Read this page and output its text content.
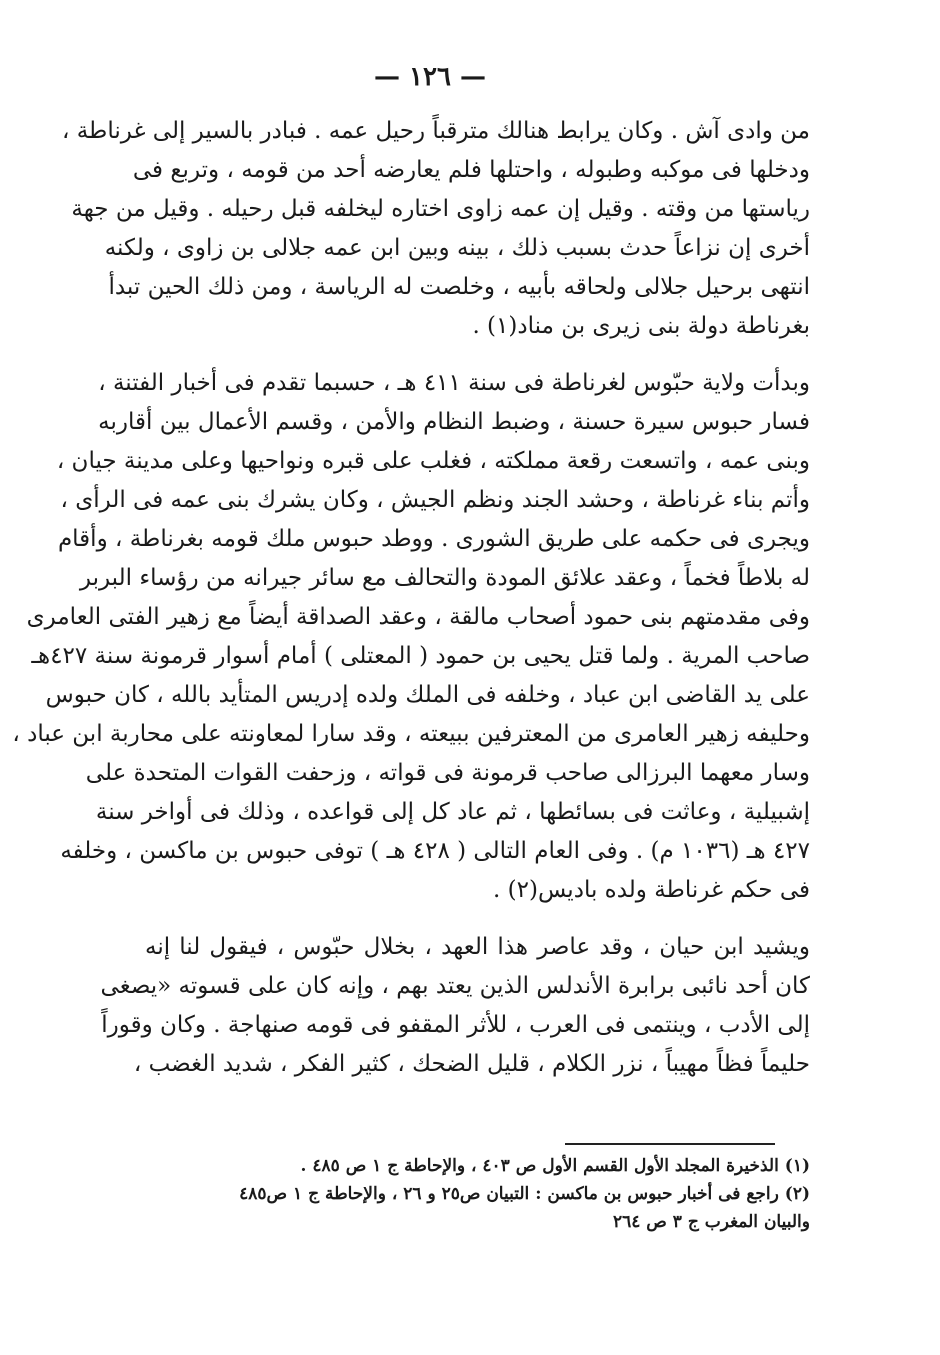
— ١٢٦ —
من وادى آش . وكان يرابط هنالك مترقباً رحيل عمه . فبادر بالسير إلى غرناطة ،
ودخلها فى موكبه وطبوله ، واحتلها فلم يعارضه أحد من قومه ، وتربع فى
رياستها من وقته . وقيل إن عمه زاوى اختاره ليخلفه قبل رحيله . وقيل من جهة
أخرى إن نزاعاً حدث بسبب ذلك ، بينه وبين ابن عمه جلالى بن زاوى ، ولكنه
انتهى برحيل جلالى ولحاقه بأبيه ، وخلصت له الرياسة ، ومن ذلك الحين تبدأ
بغرناطة دولة بنى زيرى بن مناد(١) .
وبدأت ولاية حبّوس لغرناطة فى سنة ٤١١ هـ ، حسبما تقدم فى أخبار الفتنة ،
فسار حبوس سيرة حسنة ، وضبط النظام والأمن ، وقسم الأعمال بين أقاربه
وبنى عمه ، واتسعت رقعة مملكته ، فغلب على قبره ونواحيها وعلى مدينة جيان ،
وأتم بناء غرناطة ، وحشد الجند ونظم الجيش ، وكان يشرك بنى عمه فى الرأى ،
ويجرى فى حكمه على طريق الشورى . ووطد حبوس ملك قومه بغرناطة ، وأقام
له بلاطاً فخماً ، وعقد علائق المودة والتحالف مع سائر جيرانه من رؤساء البربر
وفى مقدمتهم بنى حمود أصحاب مالقة ، وعقد الصداقة أيضاً مع زهير الفتى العامرى
صاحب المرية . ولما قتل يحيى بن حمود ( المعتلى ) أمام أسوار قرمونة سنة ٤٢٧هـ
على يد القاضى ابن عباد ، وخلفه فى الملك ولده إدريس المتأيد بالله ، كان حبوس
وحليفه زهير العامرى من المعترفين ببيعته ، وقد سارا لمعاونته على محاربة ابن عباد ،
وسار معهما البرزالى صاحب قرمونة فى قواته ، وزحفت القوات المتحدة على
إشبيلية ، وعاثت فى بسائطها ، ثم عاد كل إلى قواعده ، وذلك فى أواخر سنة
٤٢٧ هـ (١٠٣٦ م) . وفى العام التالى ( ٤٢٨ هـ ) توفى حبوس بن ماكسن ، وخلفه
فى حكم غرناطة ولده باديس(٢) .
ويشيد ابن حيان ، وقد عاصر هذا العهد ، بخلال حبّوس ، فيقول لنا إنه
كان أحد نائبى برابرة الأندلس الذين يعتد بهم ، وإنه كان على قسوته «يصغى
إلى الأدب ، وينتمى فى العرب ، للأثر المقفو فى قومه صنهاجة . وكان وقوراً
حليماً فظاً مهيباً ، نزر الكلام ، قليل الضحك ، كثير الفكر ، شديد الغضب ،
(١) الذخيرة المجلد الأول القسم الأول ص ٤٠٣ ، والإحاطة ج ١ ص ٤٨٥ .
(٢) راجع فى أخبار حبوس بن ماكسن : التبيان ص٢٥ و ٢٦ ، والإحاطة ج ١ ص٤٨٥
والبيان المغرب ج ٣ ص ٢٦٤
